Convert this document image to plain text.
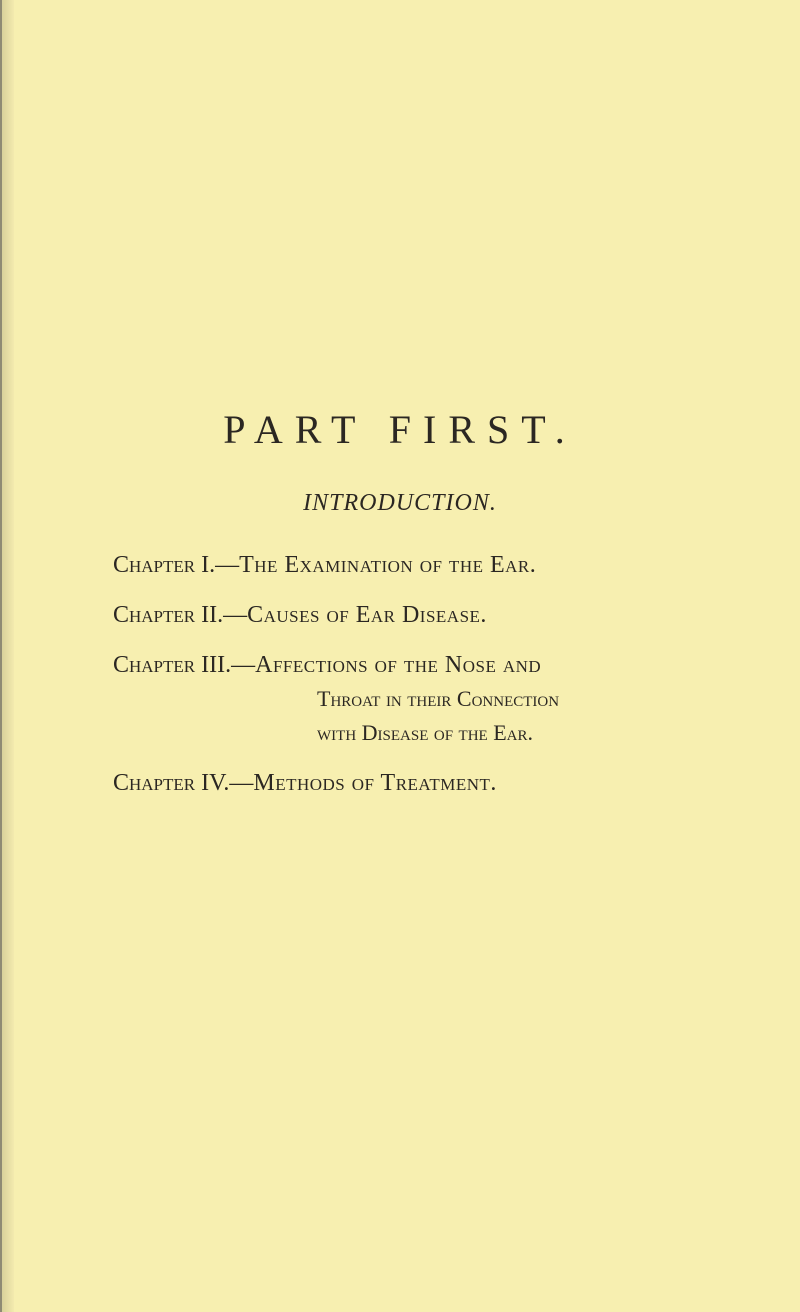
PART FIRST.
INTRODUCTION.
Chapter I. — The Examination of the Ear.
Chapter II. — Causes of Ear Disease.
Chapter III. — Affections of the Nose and
Throat in their Connection
with Disease of the Ear.
Chapter IV. — Methods of Treatment.
